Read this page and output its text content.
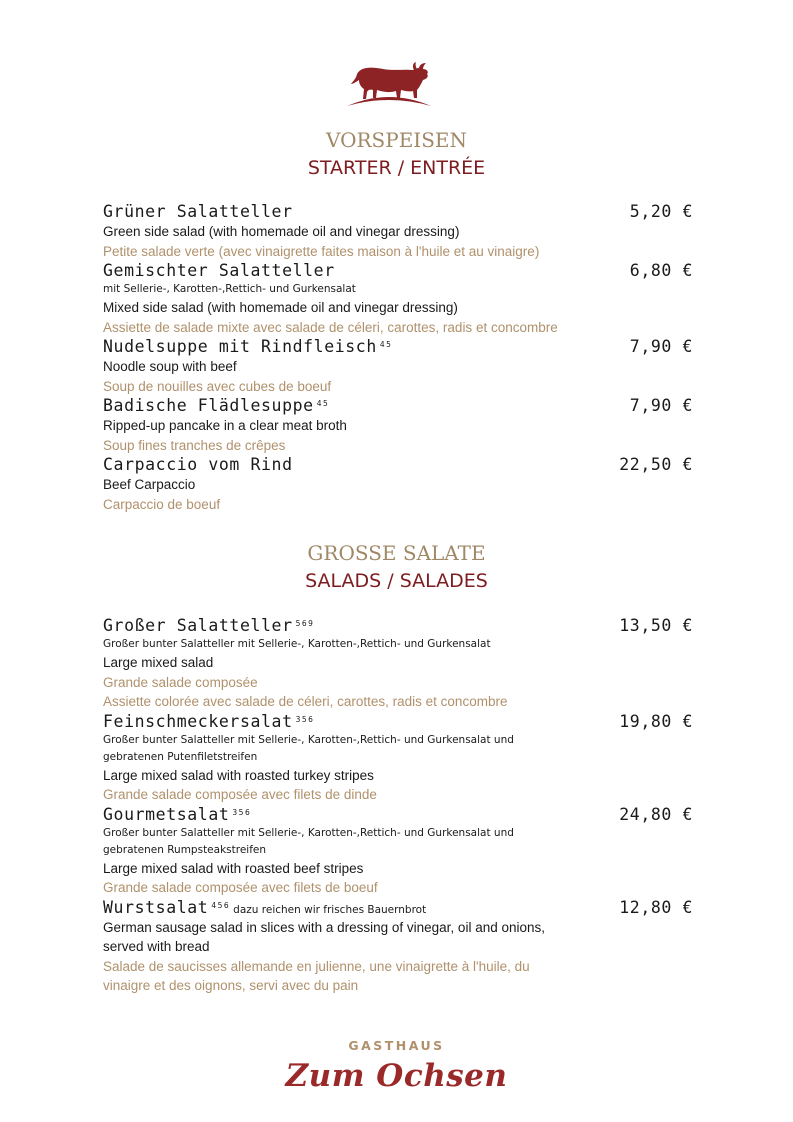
VORSPEISEN
STARTER / ENTRÉE
Grüner Salatteller	5,20 €
Green side salad (with homemade oil and vinegar dressing)
Petite salade verte (avec vinaigrette faites maison à l'huile et au vinaigre)
Gemischter Salatteller	6,80 €
mit Sellerie-, Karotten-,Rettich- und Gurkensalat
Mixed side salad (with homemade oil and vinegar dressing)
Assiette de salade mixte avec salade de céleri, carottes, radis et concombre
Nudelsuppe mit Rindfleisch $^{45}$	7,90 €
Noodle soup with beef
Soup de nouilles avec cubes de boeuf
Badische Flädlesuppe $^{45}$	7,90 €
Ripped-up pancake in a clear meat broth
Soup fines tranches de crêpes
Carpaccio vom Rind	22,50 €
Beef Carpaccio
Carpaccio de boeuf
GROSSE SALATE
SALADS / SALADES
Großer Salatteller $^{569}$	13,50 €
Großer bunter Salatteller mit Sellerie-, Karotten-,Rettich- und Gurkensalat
Large mixed salad
Grande salade composée
Assiette colorée avec salade de céleri, carottes, radis et concombre
Feinschmeckersalat $^{356}$	19,80 €
Großer bunter Salatteller mit Sellerie-, Karotten-,Rettich- und Gurkensalat und
gebratenen Putenfiletstreifen
Large mixed salad with roasted turkey stripes
Grande salade composée avec filets de dinde
Gourmetsalat $^{356}$	24,80 €
Großer bunter Salatteller mit Sellerie-, Karotten-,Rettich- und Gurkensalat und
gebratenen Rumpsteakstreifen
Large mixed salad with roasted beef stripes
Grande salade composée avec filets de boeuf
Wurstsalat $^{456}$ dazu reichen wir frisches Bauernbrot	12,80 €
German sausage salad in slices with a dressing of vinegar, oil and onions,
served with bread
Salade de saucisses allemande en julienne, une vinaigrette à l'huile, du
vinaigre et des oignons, servi avec du pain
GASTHAUS
Zum Ochsen
